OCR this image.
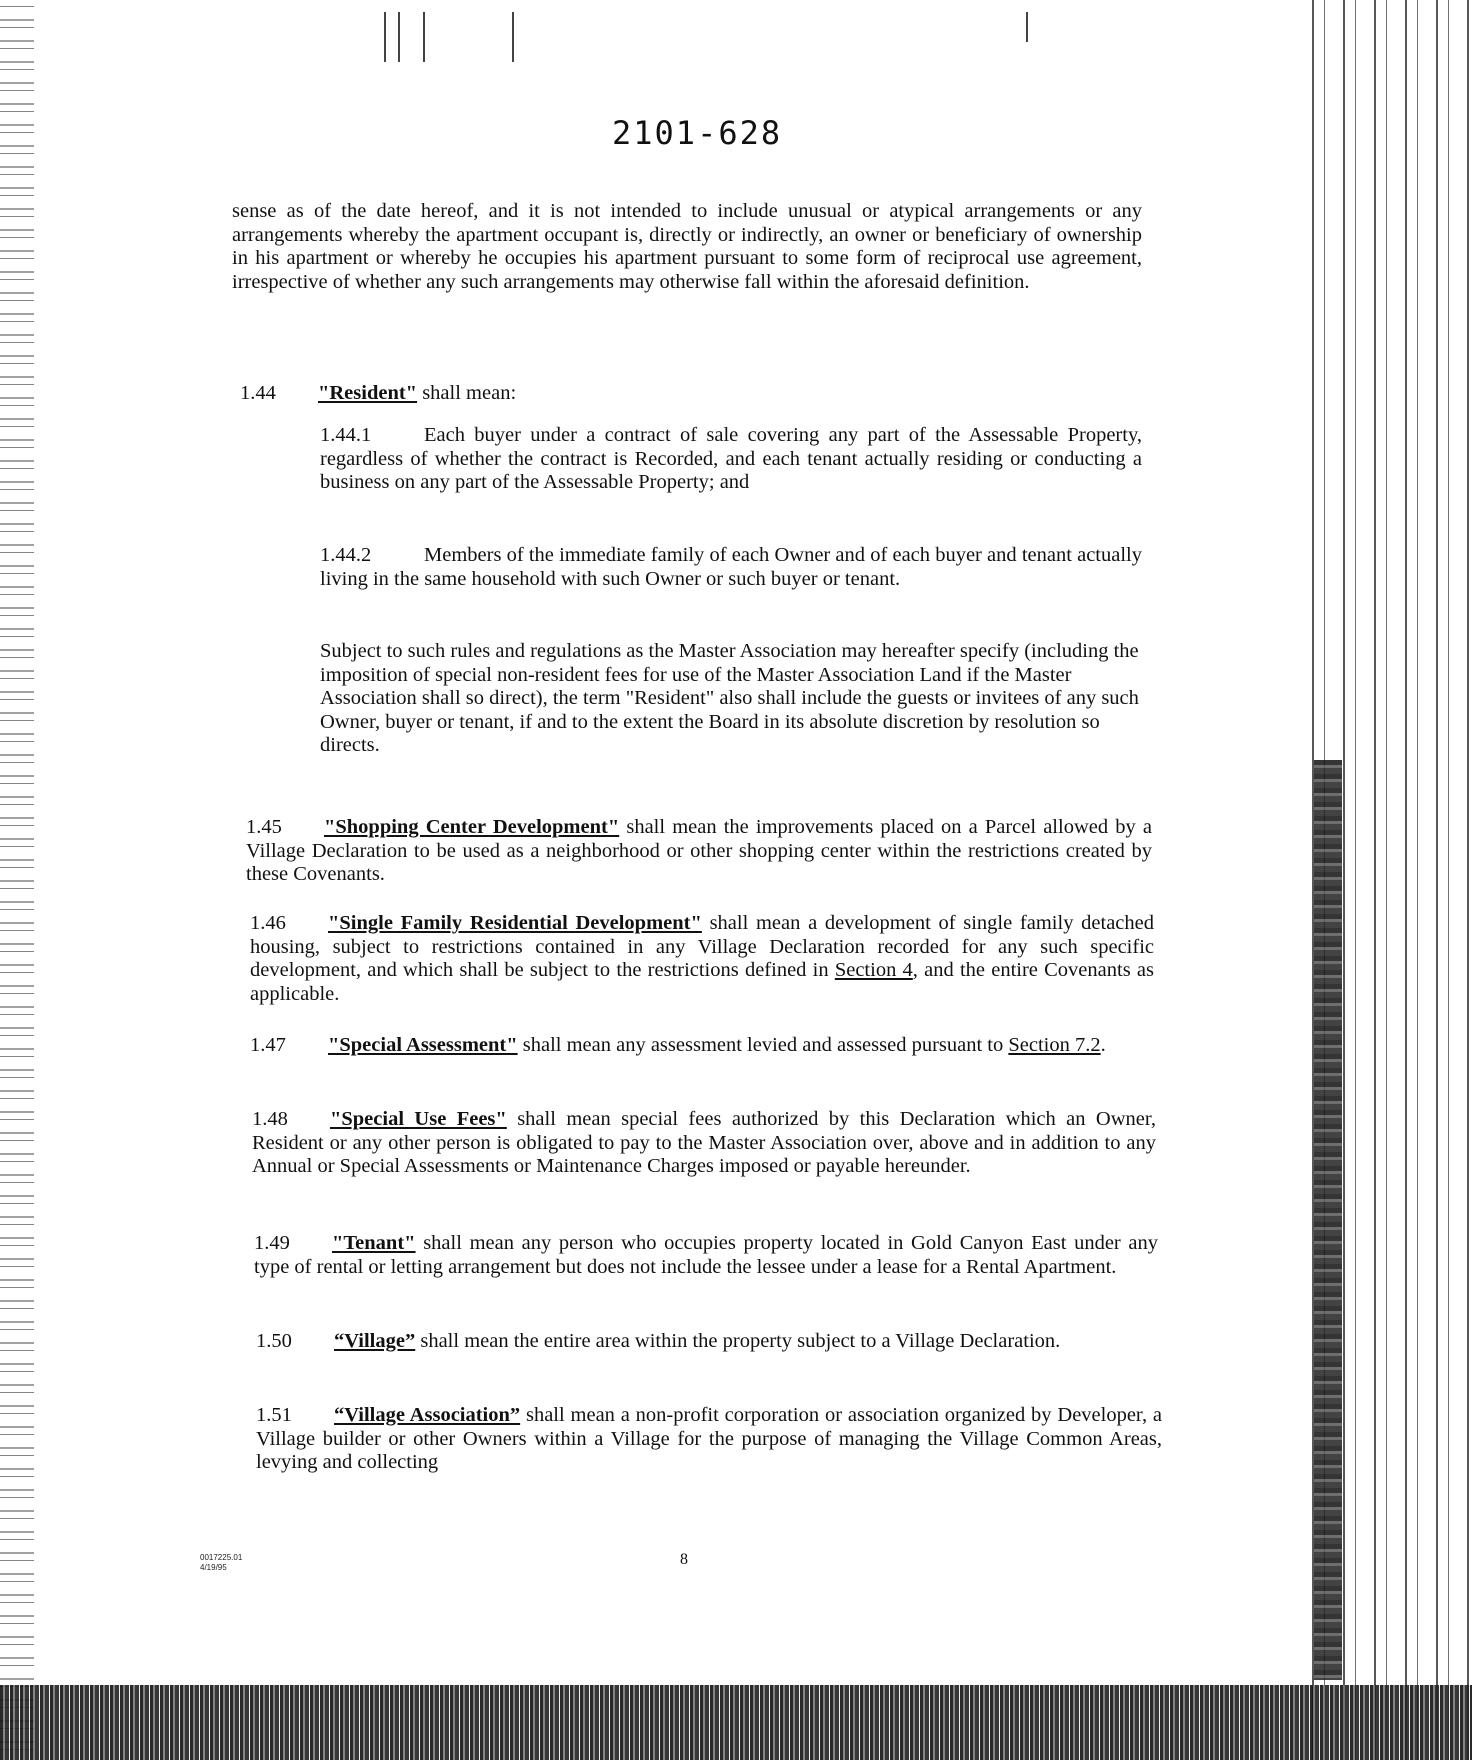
2101-628

sense as of the date hereof, and it is not intended to include unusual or atypical arrangements or any arrangements whereby the apartment occupant is, directly or indirectly, an owner or beneficiary of ownership in his apartment or whereby he occupies his apartment pursuant to some form of reciprocal use agreement, irrespective of whether any such arrangements may otherwise fall within the aforesaid definition.

1.44 "Resident" shall mean:

1.44.1	Each buyer under a contract of sale covering any part of the Assessable Property, regardless of whether the contract is Recorded, and each tenant actually residing or conducting a business on any part of the Assessable Property; and

1.44.2	Members of the immediate family of each Owner and of each buyer and tenant actually living in the same household with such Owner or such buyer or tenant.

Subject to such rules and regulations as the Master Association may hereafter specify (including the imposition of special non-resident fees for use of the Master Association Land if the Master Association shall so direct), the term "Resident" also shall include the guests or invitees of any such Owner, buyer or tenant, if and to the extent the Board in its absolute discretion by resolution so directs.

1.45 "Shopping Center Development" shall mean the improvements placed on a Parcel allowed by a Village Declaration to be used as a neighborhood or other shopping center within the restrictions created by these Covenants.

1.46 "Single Family Residential Development" shall mean a development of single family detached housing, subject to restrictions contained in any Village Declaration recorded for any such specific development, and which shall be subject to the restrictions defined in Section 4, and the entire Covenants as applicable.

1.47 "Special Assessment" shall mean any assessment levied and assessed pursuant to Section 7.2.

1.48 "Special Use Fees" shall mean special fees authorized by this Declaration which an Owner, Resident or any other person is obligated to pay to the Master Association over, above and in addition to any Annual or Special Assessments or Maintenance Charges imposed or payable hereunder.

1.49 "Tenant" shall mean any person who occupies property located in Gold Canyon East under any type of rental or letting arrangement but does not include the lessee under a lease for a Rental Apartment.

1.50 “Village” shall mean the entire area within the property subject to a Village Declaration.

1.51 “Village Association” shall mean a non-profit corporation or association organized by Developer, a Village builder or other Owners within a Village for the purpose of managing the Village Common Areas, levying and collecting

0017225.01
4/19/95	8
